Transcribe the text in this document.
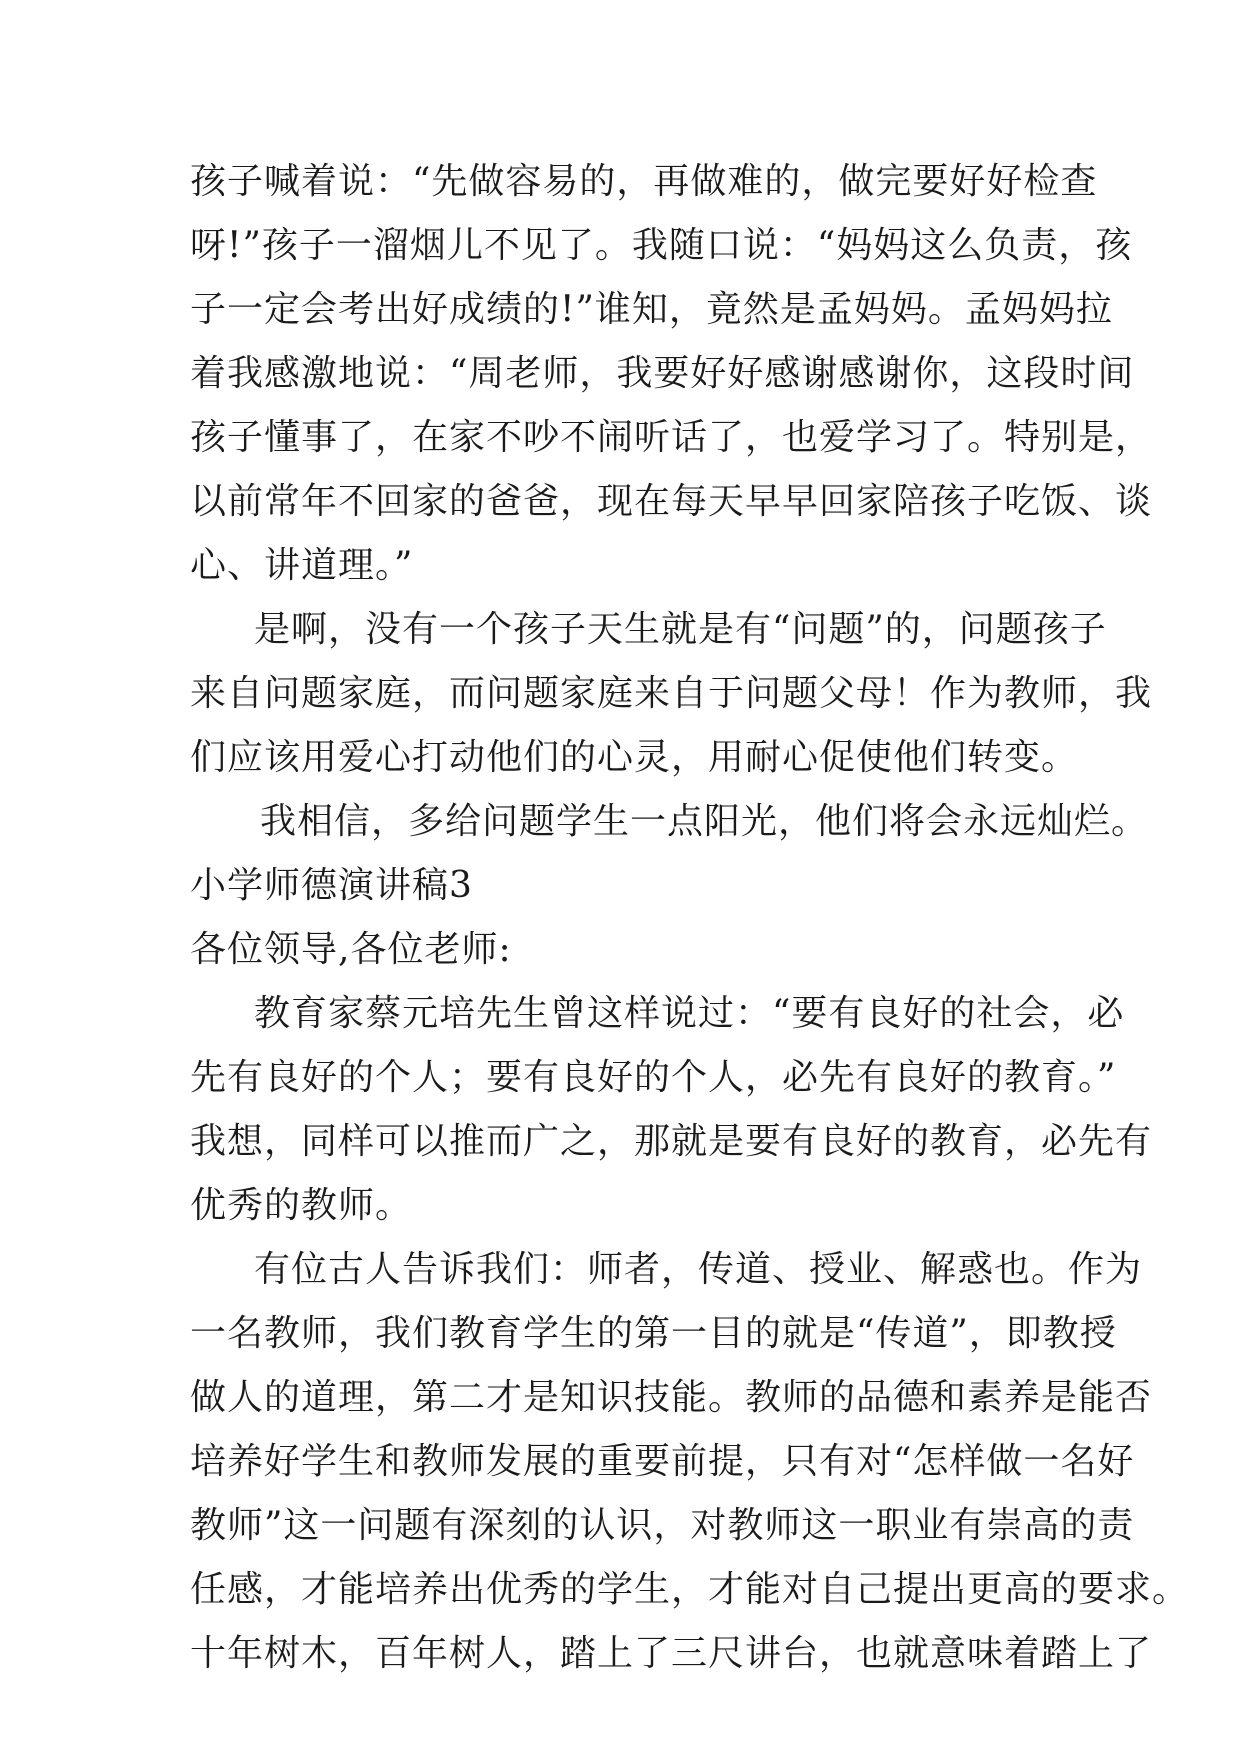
孩子喊着说：“先做容易的，再做难的，做完要好好检查
呀!”孩子一溜烟儿不见了。我随口说：“妈妈这么负责，孩
子一定会考出好成绩的!”谁知，竟然是孟妈妈。孟妈妈拉
着我感激地说：“周老师，我要好好感谢感谢你，这段时间
孩子懂事了，在家不吵不闹听话了，也爱学习了。特别是，
以前常年不回家的爸爸，现在每天早早回家陪孩子吃饭、谈
心、讲道理。”
是啊，没有一个孩子天生就是有“问题”的，问题孩子
来自问题家庭，而问题家庭来自于问题父母！作为教师，我
们应该用爱心打动他们的心灵，用耐心促使他们转变。
我相信，多给问题学生一点阳光，他们将会永远灿烂。
小学师德演讲稿3
各位领导,各位老师:
教育家蔡元培先生曾这样说过：“要有良好的社会，必
先有良好的个人；要有良好的个人，必先有良好的教育。”
我想，同样可以推而广之，那就是要有良好的教育，必先有
优秀的教师。
有位古人告诉我们：师者，传道、授业、解惑也。作为
一名教师，我们教育学生的第一目的就是“传道”，即教授
做人的道理，第二才是知识技能。教师的品德和素养是能否
培养好学生和教师发展的重要前提，只有对“怎样做一名好
教师”这一问题有深刻的认识，对教师这一职业有崇高的责
任感，才能培养出优秀的学生，才能对自己提出更高的要求。
十年树木，百年树人，踏上了三尺讲台，也就意味着踏上了
